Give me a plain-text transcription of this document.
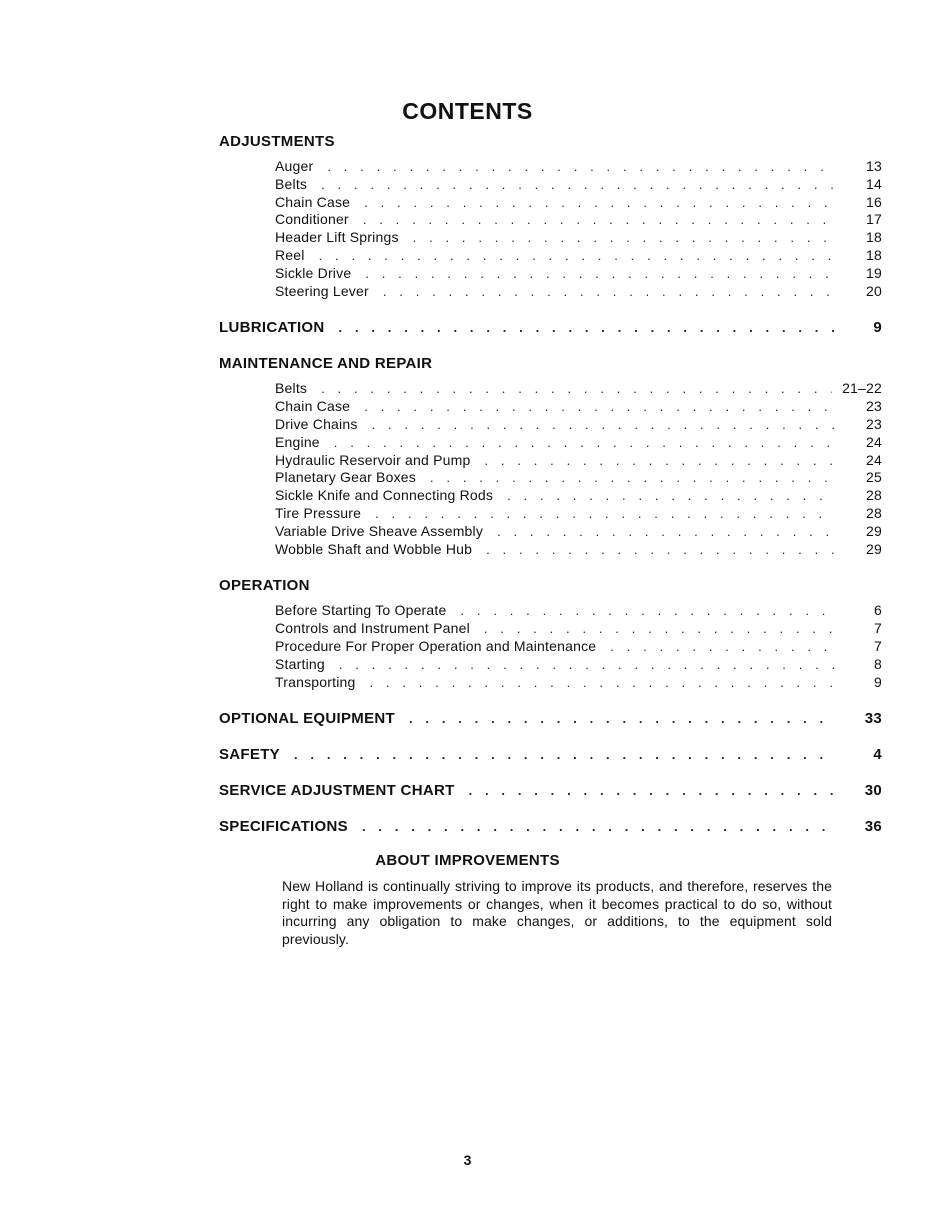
CONTENTS
ADJUSTMENTS
Auger . . .	13
Belts . . .	14
Chain Case . . .	16
Conditioner . . .	17
Header Lift Springs . . .	18
Reel . . .	18
Sickle Drive . . .	19
Steering Lever . . .	20
LUBRICATION . . .	9
MAINTENANCE AND REPAIR
Belts . . .	21–22
Chain Case . . .	23
Drive Chains . . .	23
Engine . . .	24
Hydraulic Reservoir and Pump . . .	24
Planetary Gear Boxes . . .	25
Sickle Knife and Connecting Rods . . .	28
Tire Pressure . . .	28
Variable Drive Sheave Assembly . . .	29
Wobble Shaft and Wobble Hub . . .	29
OPERATION
Before Starting To Operate . . .	6
Controls and Instrument Panel . . .	7
Procedure For Proper Operation and Maintenance . . .	7
Starting . . .	8
Transporting . . .	9
OPTIONAL EQUIPMENT . . .	33
SAFETY . . .	4
SERVICE ADJUSTMENT CHART . . .	30
SPECIFICATIONS . . .	36
ABOUT IMPROVEMENTS
New Holland is continually striving to improve its products, and therefore, reserves the right to make improvements or changes, when it becomes practical to do so, without incurring any obligation to make changes, or additions, to the equipment sold previously.
3
